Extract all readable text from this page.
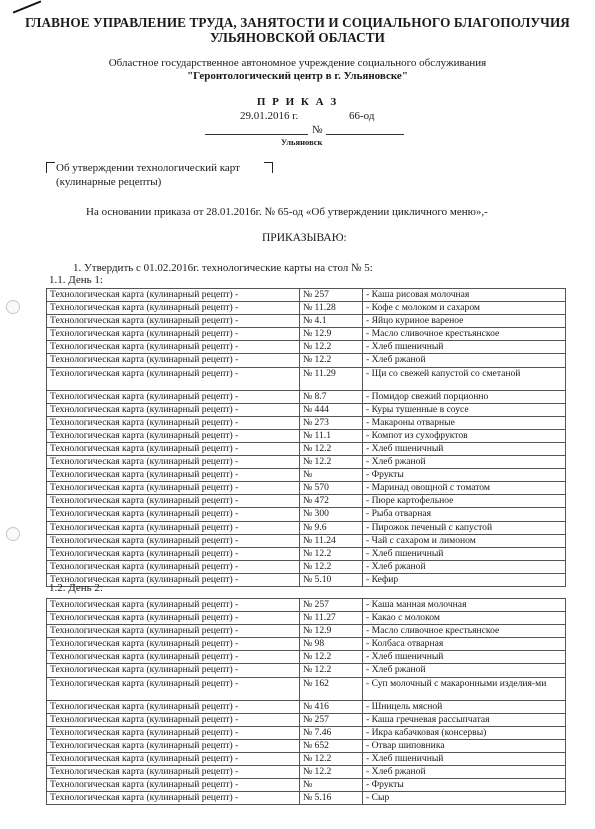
ГЛАВНОЕ УПРАВЛЕНИЕ ТРУДА, ЗАНЯТОСТИ И СОЦИАЛЬНОГО БЛАГОПОЛУЧИЯ
УЛЬЯНОВСКОЙ ОБЛАСТИ
Областное государственное автономное учреждение социального обслуживания
"Геронтологический центр в г. Ульяновске"
П Р И К А З
29.01.2016 г.	66-од
№
Ульяновск
Об утверждении технологический карт
(кулинарные рецепты)
На основании приказа от 28.01.2016г. № 65-од «Об утверждении цикличного меню»,-
ПРИКАЗЫВАЮ:
1. Утвердить с 01.02.2016г. технологические карты на стол № 5:
1.1. День 1:
Технологическая карта (кулинарный рецепт) -	№ 257	- Каша рисовая молочная
Технологическая карта (кулинарный рецепт) -	№ 11.28	- Кофе с молоком и сахаром
Технологическая карта (кулинарный рецепт) -	№ 4.1	- Яйцо куриное вареное
Технологическая карта (кулинарный рецепт) -	№ 12.9	- Масло сливочное крестьянское
Технологическая карта (кулинарный рецепт) -	№ 12.2	- Хлеб пшеничный
Технологическая карта (кулинарный рецепт) -	№ 12.2	- Хлеб ржаной
Технологическая карта (кулинарный рецепт) -	№ 11.29	- Щи со свежей капустой со сметаной
Технологическая карта (кулинарный рецепт) -	№ 8.7	- Помидор свежий порционно
Технологическая карта (кулинарный рецепт) -	№ 444	- Куры тушенные в соусе
Технологическая карта (кулинарный рецепт) -	№ 273	- Макароны отварные
Технологическая карта (кулинарный рецепт) -	№ 11.1	- Компот из сухофруктов
Технологическая карта (кулинарный рецепт) -	№ 12.2	- Хлеб пшеничный
Технологическая карта (кулинарный рецепт) -	№ 12.2	- Хлеб ржаной
Технологическая карта (кулинарный рецепт) -	№	- Фрукты
Технологическая карта (кулинарный рецепт) -	№ 570	- Маринад овощной с томатом
Технологическая карта (кулинарный рецепт) -	№ 472	- Пюре картофельное
Технологическая карта (кулинарный рецепт) -	№ 300	- Рыба отварная
Технологическая карта (кулинарный рецепт) -	№ 9.6	- Пирожок печеный с капустой
Технологическая карта (кулинарный рецепт) -	№ 11.24	- Чай с сахаром и лимоном
Технологическая карта (кулинарный рецепт) -	№ 12.2	- Хлеб пшеничный
Технологическая карта (кулинарный рецепт) -	№ 12.2	- Хлеб ржаной
Технологическая карта (кулинарный рецепт) -	№ 5.10	- Кефир
1.2. День 2:
Технологическая карта (кулинарный рецепт) -	№ 257	- Каша манная молочная
Технологическая карта (кулинарный рецепт) -	№ 11.27	- Какао с молоком
Технологическая карта (кулинарный рецепт) -	№ 12.9	- Масло сливочное крестьянское
Технологическая карта (кулинарный рецепт) -	№ 98	- Колбаса отварная
Технологическая карта (кулинарный рецепт) -	№ 12.2	- Хлеб пшеничный
Технологическая карта (кулинарный рецепт) -	№ 12.2	- Хлеб ржаной
Технологическая карта (кулинарный рецепт) -	№ 162	- Суп молочный с макаронными изделия-ми
Технологическая карта (кулинарный рецепт) -	№ 416	- Шницель мясной
Технологическая карта (кулинарный рецепт) -	№ 257	- Каша гречневая рассыпчатая
Технологическая карта (кулинарный рецепт) -	№ 7.46	- Икра кабачковая (консервы)
Технологическая карта (кулинарный рецепт) -	№ 652	- Отвар шиповника
Технологическая карта (кулинарный рецепт) -	№ 12.2	- Хлеб пшеничный
Технологическая карта (кулинарный рецепт) -	№ 12.2	- Хлеб ржаной
Технологическая карта (кулинарный рецепт) -	№	- Фрукты
Технологическая карта (кулинарный рецепт) -	№ 5.16	- Сыр
